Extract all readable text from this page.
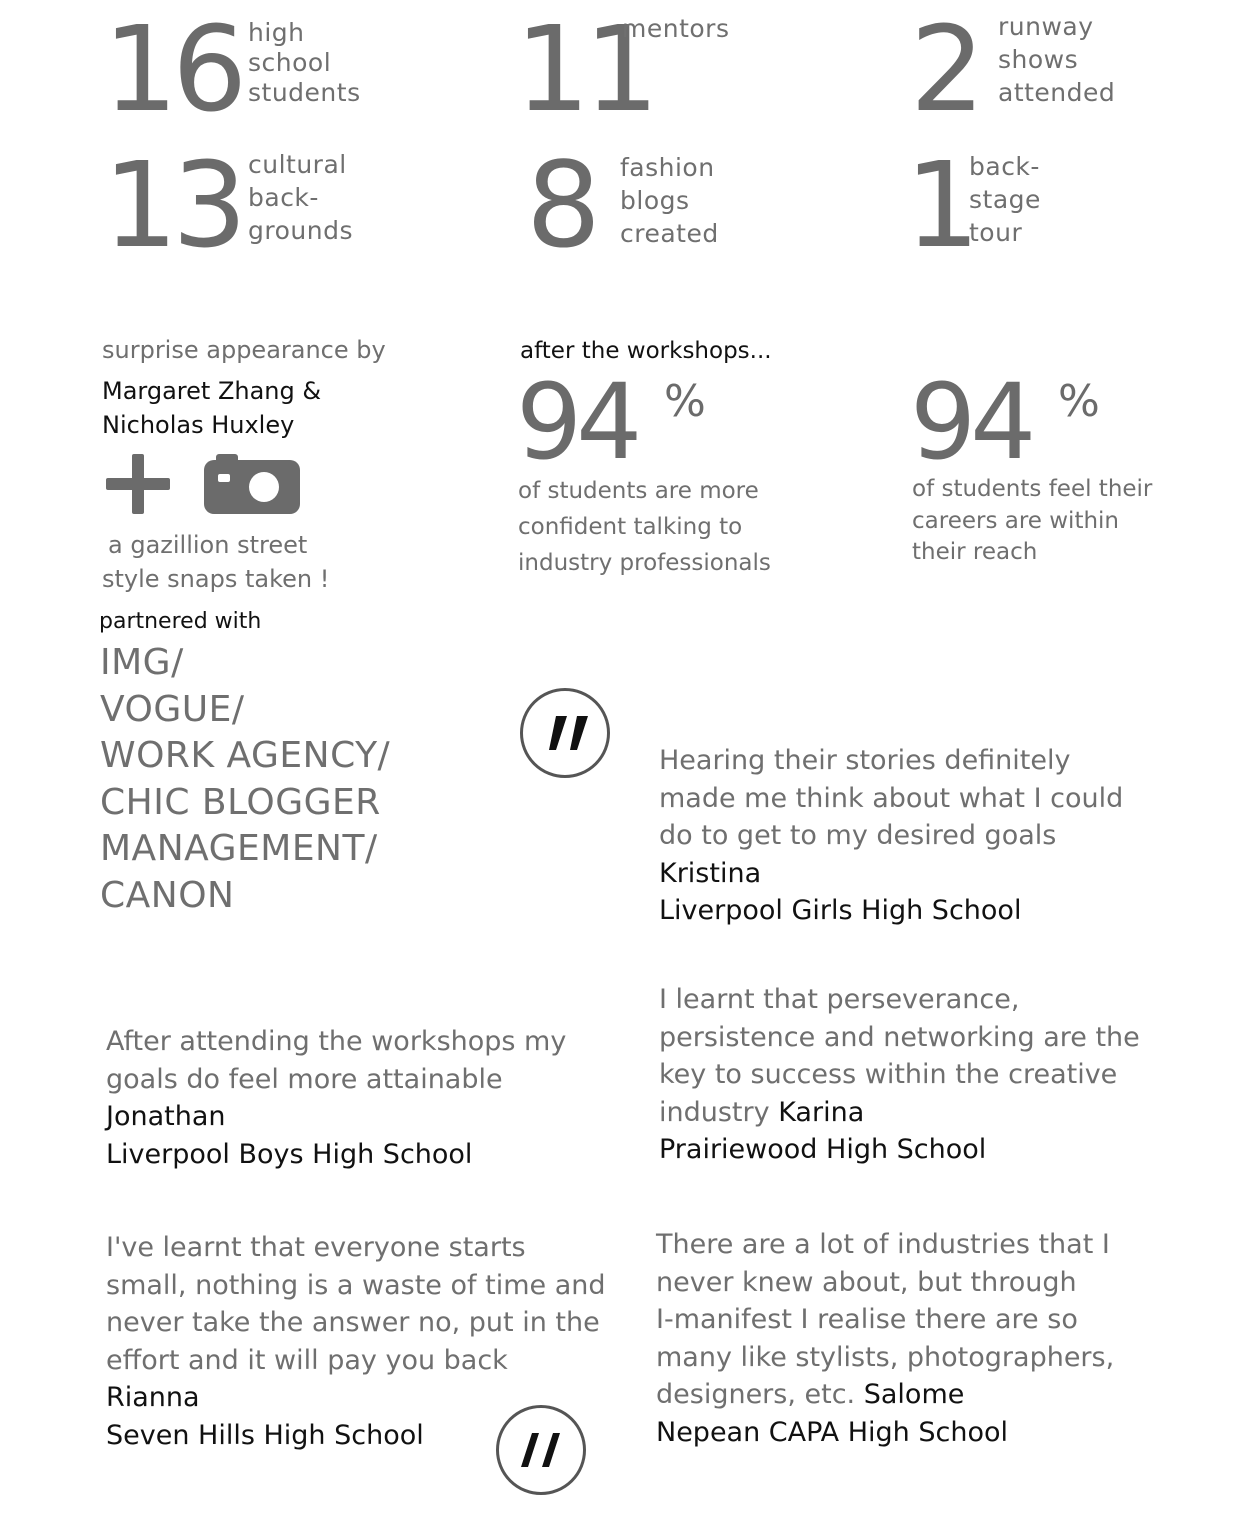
16 high
school
students 11
mentors 2 runway
shows
attended
13 cultural
back-
grounds 8 fashion
blogs
created 1
back-
stage
tour
surprise appearance by
Margaret Zhang &
Nicholas Huxley
a gazillion street
style snaps taken !
after the workshops...
94 %
of students are more
confident talking to
industry professionals
94 %
of students feel their
careers are within
their reach
partnered with
IMG/
VOGUE/
WORK AGENCY/
CHIC BLOGGER
MANAGEMENT/
CANON
Hearing their stories definitely
made me think about what I could
do to get to my desired goals
Kristina
Liverpool Girls High School
I learnt that perseverance,
persistence and networking are the
key to success within the creative
industry Karina
Prairiewood High School
After attending the workshops my
goals do feel more attainable
Jonathan
Liverpool Boys High School
I've learnt that everyone starts
small, nothing is a waste of time and
never take the answer no, put in the
effort and it will pay you back
Rianna
Seven Hills High School
There are a lot of industries that I
never knew about, but through
I-manifest I realise there are so
many like stylists, photographers,
designers, etc. Salome
Nepean CAPA High School
